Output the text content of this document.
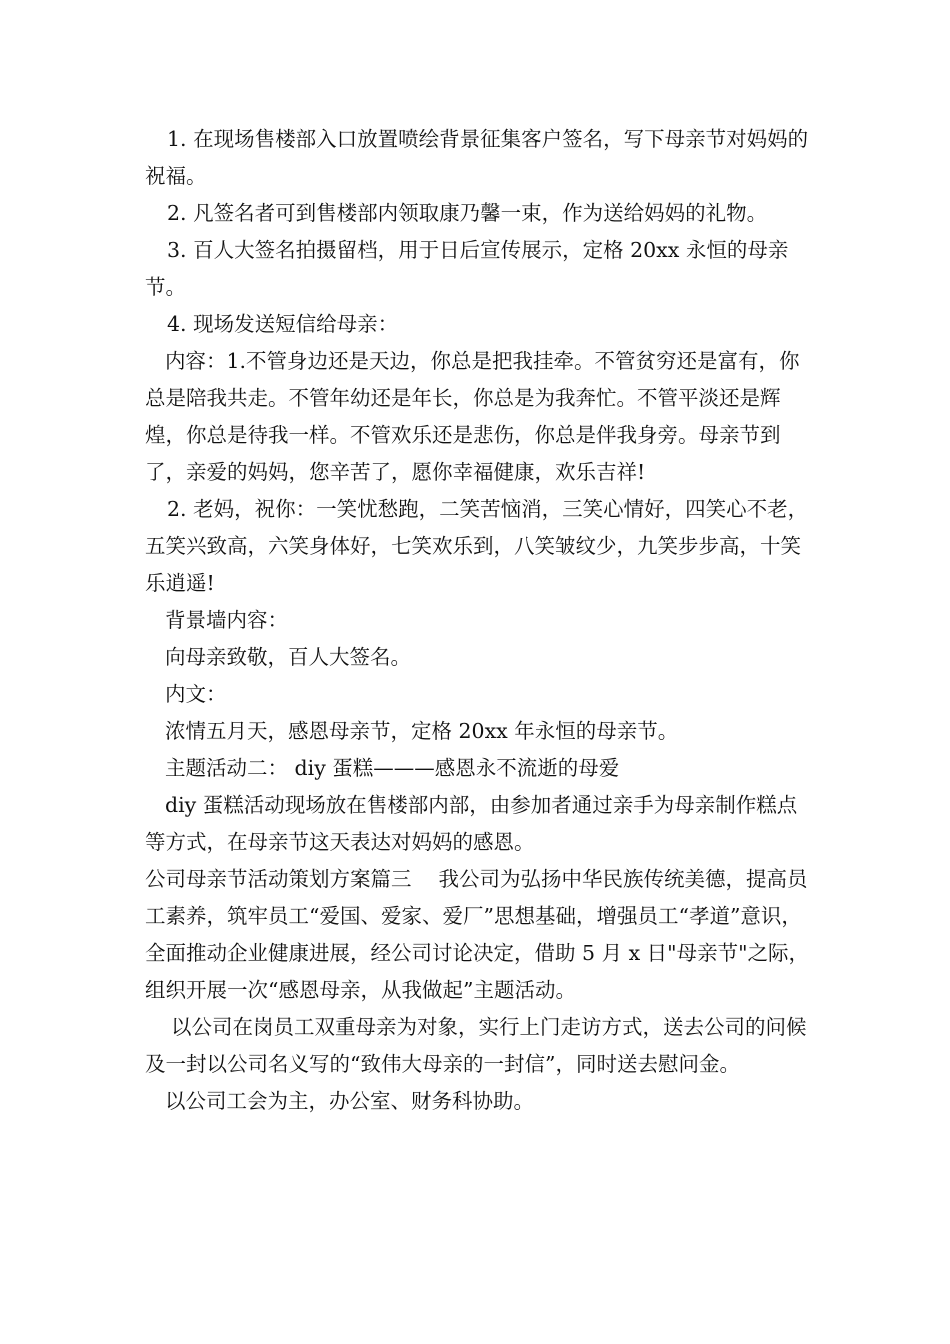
1. 在现场售楼部入口放置喷绘背景征集客户签名，写下母亲节对妈妈的祝福。

2. 凡签名者可到售楼部内领取康乃馨一束，作为送给妈妈的礼物。

3. 百人大签名拍摄留档，用于日后宣传展示，定格 20xx 永恒的母亲节。

4. 现场发送短信给母亲：

内容：1.不管身边还是天边，你总是把我挂牵。不管贫穷还是富有，你总是陪我共走。不管年幼还是年长，你总是为我奔忙。不管平淡还是辉煌，你总是待我一样。不管欢乐还是悲伤，你总是伴我身旁。母亲节到了，亲爱的妈妈，您辛苦了，愿你幸福健康，欢乐吉祥!

2. 老妈，祝你：一笑忧愁跑，二笑苦恼消，三笑心情好，四笑心不老，五笑兴致高，六笑身体好，七笑欢乐到，八笑皱纹少，九笑步步高，十笑乐逍遥!

背景墙内容：

向母亲致敬，百人大签名。

内文：

浓情五月天，感恩母亲节，定格 20xx 年永恒的母亲节。

主题活动二： diy 蛋糕———感恩永不流逝的母爱

diy 蛋糕活动现场放在售楼部内部，由参加者通过亲手为母亲制作糕点等方式，在母亲节这天表达对妈妈的感恩。

公司母亲节活动策划方案篇三　 我公司为弘扬中华民族传统美德，提高员工素养，筑牢员工“爱国、爱家、爱厂”思想基础，增强员工“孝道”意识，全面推动企业健康进展，经公司讨论决定，借助 5 月 x 日"母亲节"之际，组织开展一次“感恩母亲，从我做起”主题活动。

以公司在岗员工双重母亲为对象，实行上门走访方式，送去公司的问候及一封以公司名义写的“致伟大母亲的一封信”，同时送去慰问金。

以公司工会为主，办公室、财务科协助。
